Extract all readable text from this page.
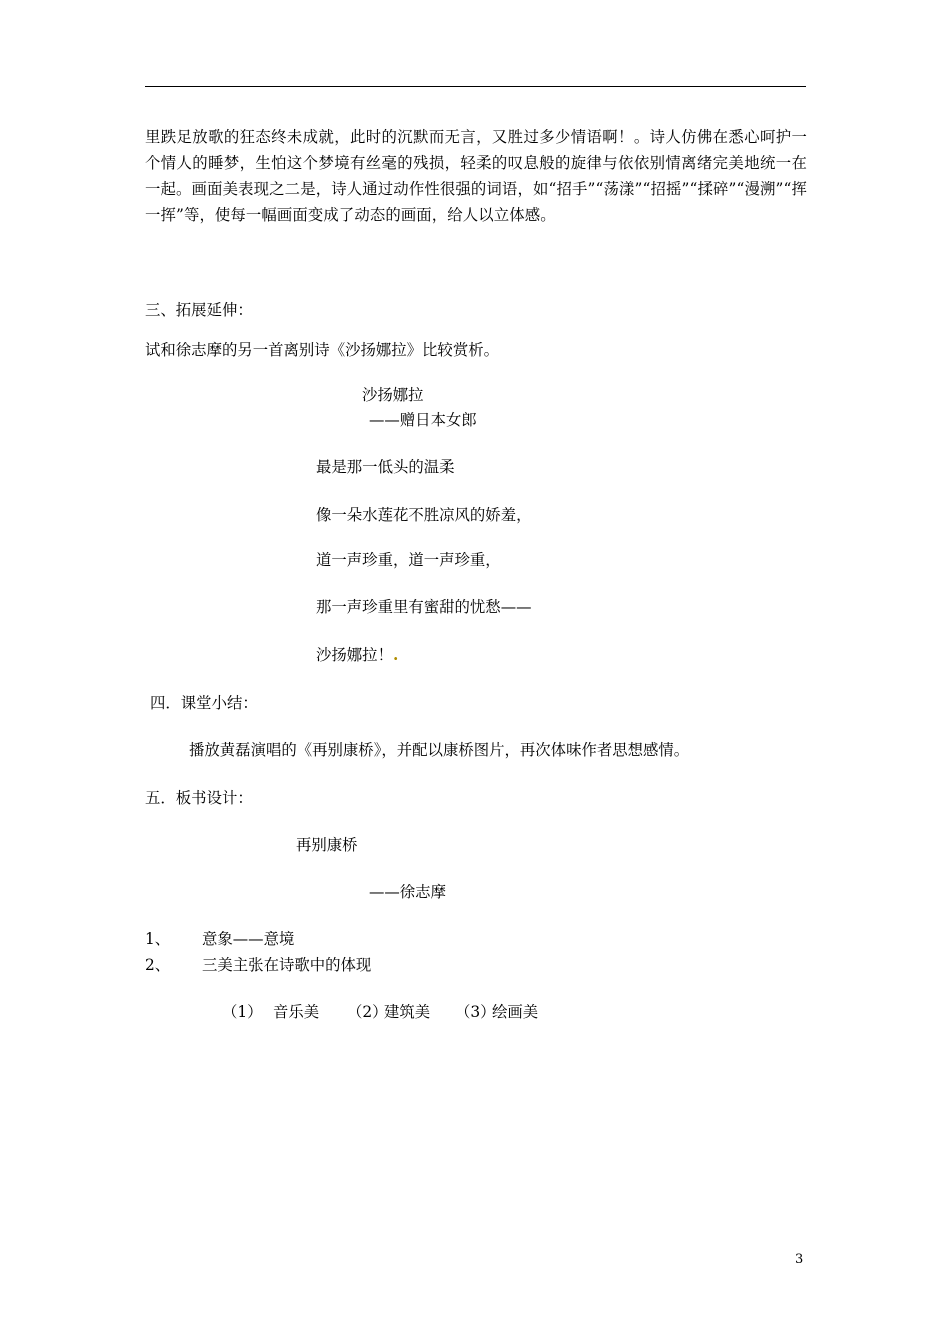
里跌足放歌的狂态终未成就，此时的沉默而无言，又胜过多少情语啊！。诗人仿佛在悉心呵护一个情人的睡梦，生怕这个梦境有丝毫的残损，轻柔的叹息般的旋律与依依别情离绪完美地统一在一起。画面美表现之二是，诗人通过动作性很强的词语，如“招手”“荡漾”“招摇”“揉碎”“漫溯”“挥一挥”等，使每一幅画面变成了动态的画面，给人以立体感。
三、拓展延伸：
试和徐志摩的另一首离别诗《沙扬娜拉》比较赏析。
沙扬娜拉
——赠日本女郎
最是那一低头的温柔
像一朵水莲花不胜凉风的娇羞，
道一声珍重，道一声珍重，
那一声珍重里有蜜甜的忧愁——
沙扬娜拉！.
四．课堂小结：
播放黄磊演唱的《再别康桥》，并配以康桥图片，再次体味作者思想感情。
五．板书设计：
再别康桥
——徐志摩
1、 意象——意境
2、 三美主张在诗歌中的体现
（1） 音乐美 （2）
建筑美 （3）
绘画美
3
